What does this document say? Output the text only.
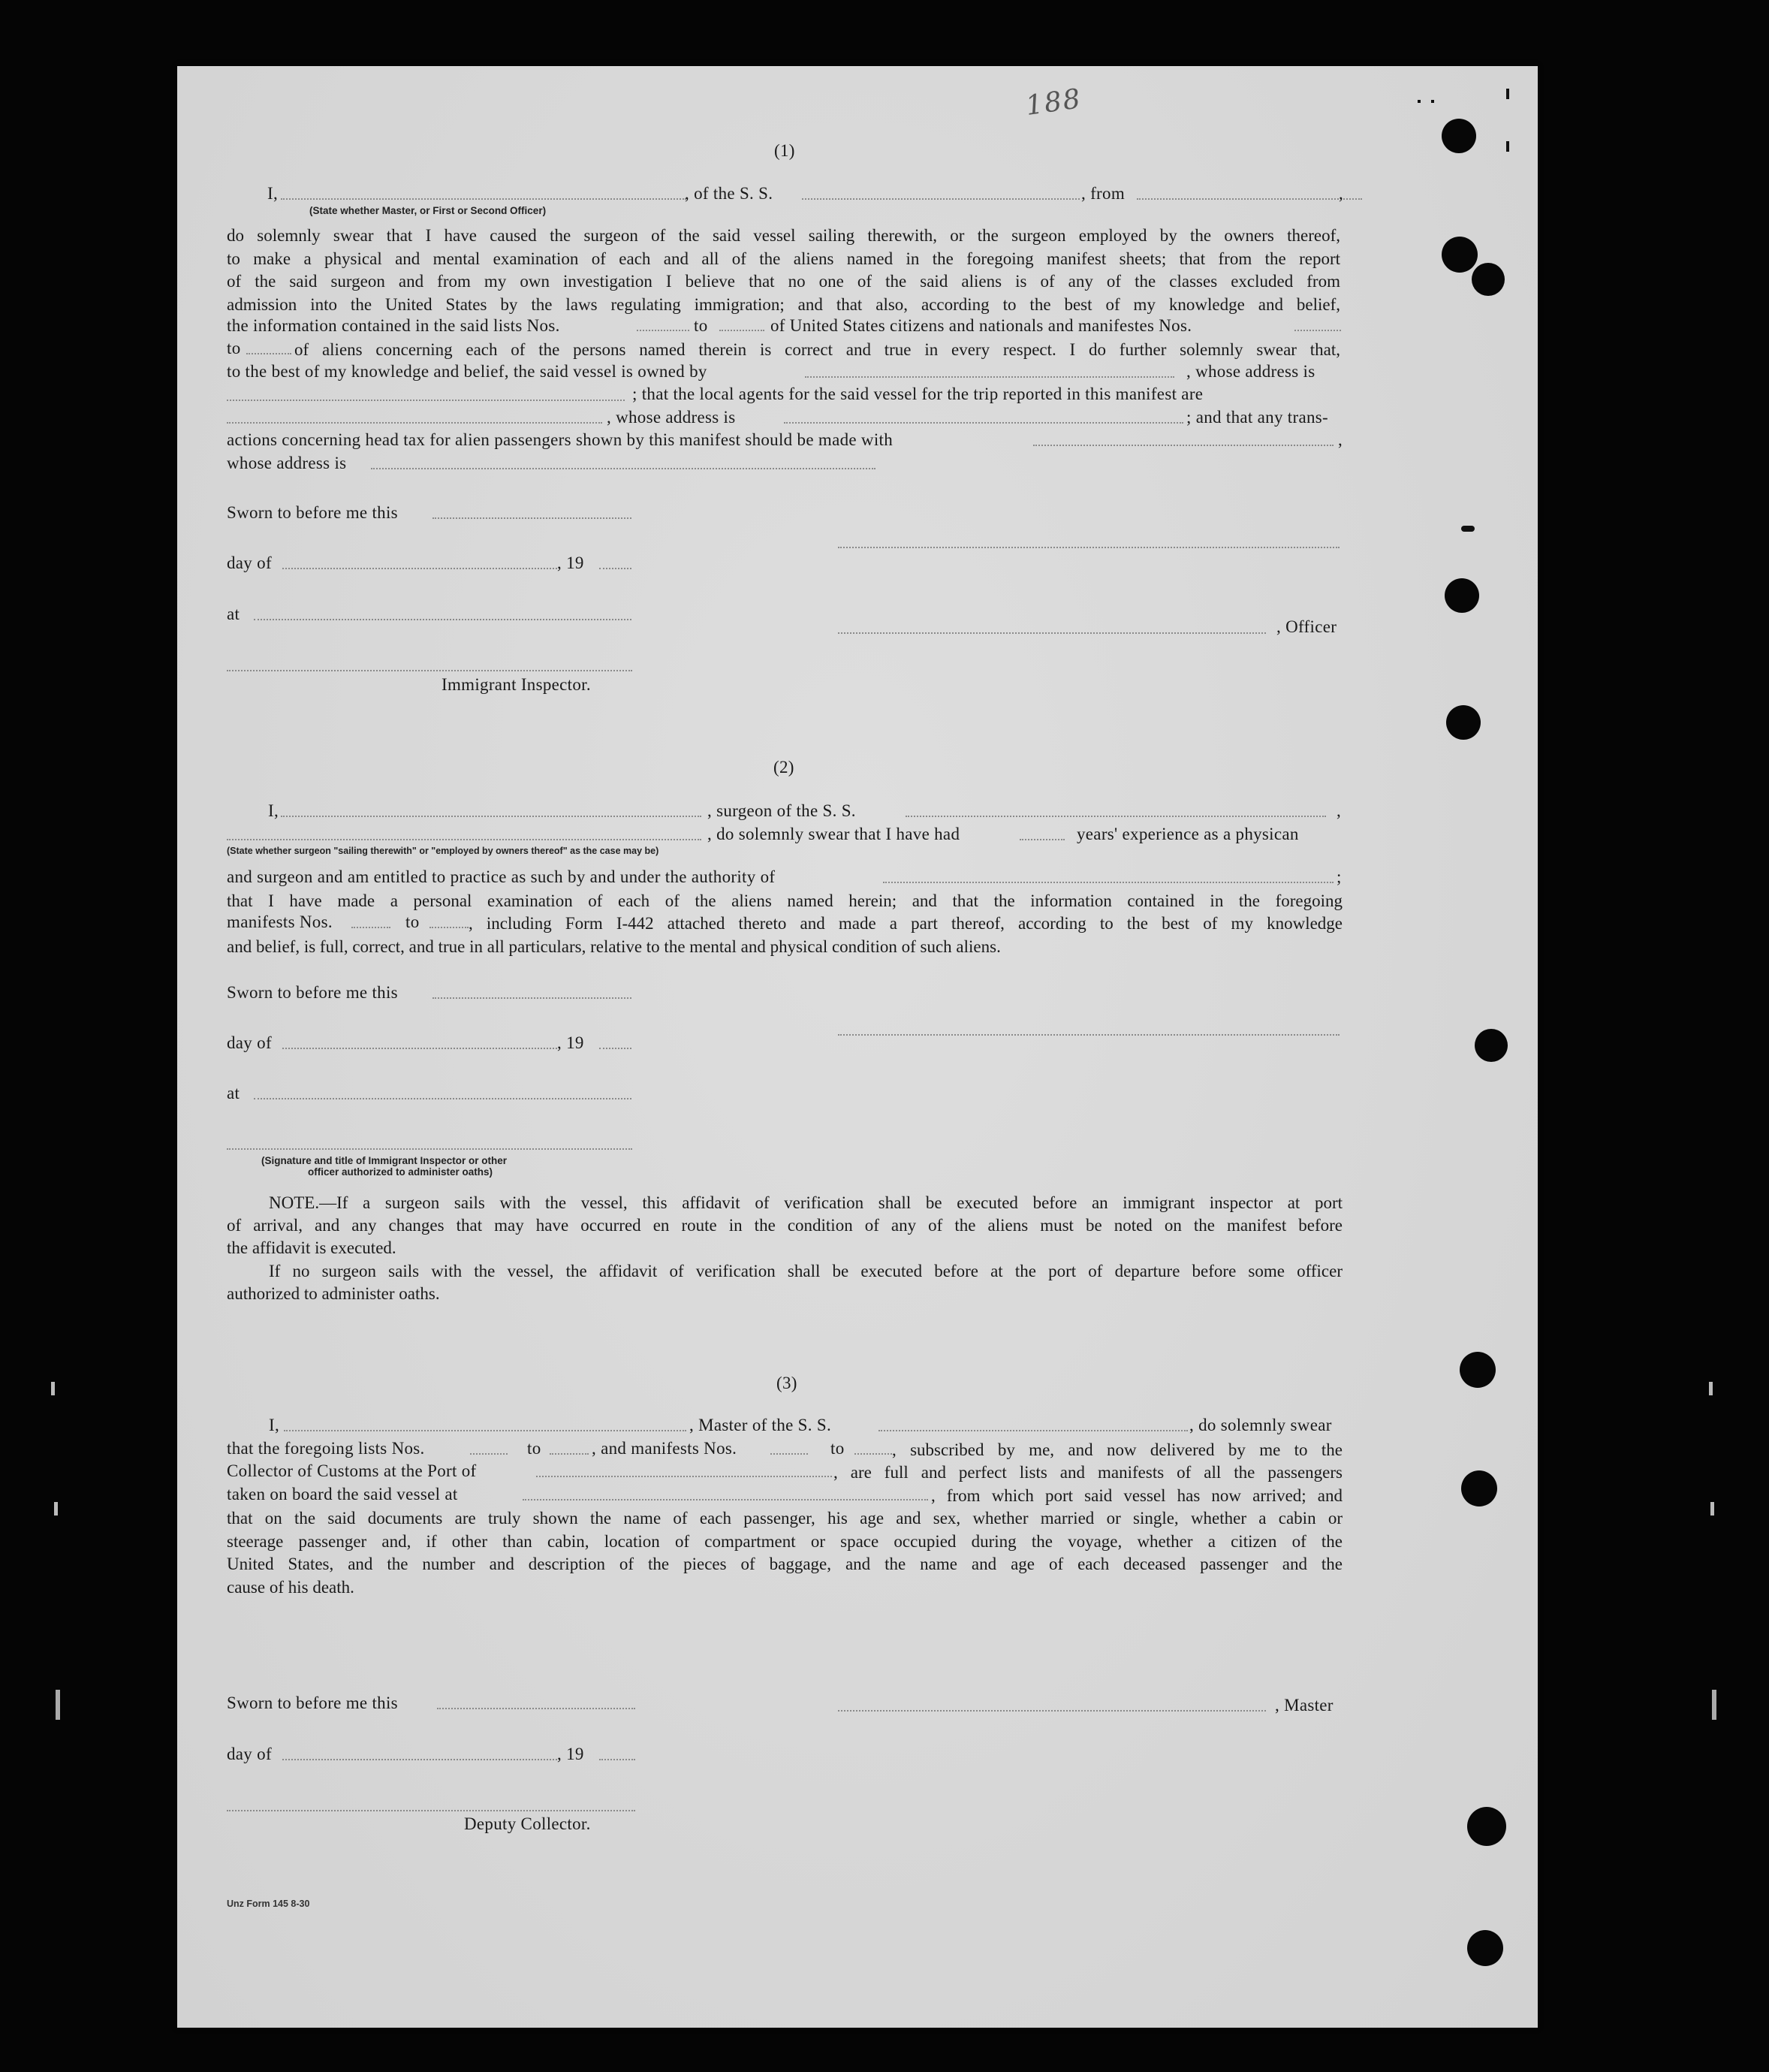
188
(1)
I,	, of the S. S.	, from	,
(State whether Master, or First or Second Officer)
do solemnly swear that I have caused the surgeon of the said vessel sailing therewith, or the surgeon employed by the owners thereof,
to make a physical and mental examination of each and all of the aliens named in the foregoing manifest sheets; that from the report
of the said surgeon and from my own investigation I believe that no one of the said aliens is of any of the classes excluded from
admission into the United States by the laws regulating immigration; and that also, according to the best of my knowledge and belief,
the information contained in the said lists Nos.	to	of United States citizens and nationals and manifestes Nos.
to	of aliens concerning each of the persons named therein is correct and true in every respect. I do further solemnly swear that,
to the best of my knowledge and belief, the said vessel is owned by	, whose address is
; that the local agents for the said vessel for the trip reported in this manifest are
, whose address is	; and that any trans-
actions concerning head tax for alien passengers shown by this manifest should be made with	,
whose address is
Sworn to before me this
day of	, 19
at
, Officer
Immigrant Inspector.
(2)
I,	, surgeon of the S. S.	,
, do solemnly swear that I have had	years' experience as a physican
(State whether surgeon "sailing therewith" or "employed by owners thereof" as the case may be)
and surgeon and am entitled to practice as such by and under the authority of	;
that I have made a personal examination of each of the aliens named herein; and that the information contained in the foregoing
manifests Nos.	to	, including Form I-442 attached thereto and made a part thereof, according to the best of my knowledge
and belief, is full, correct, and true in all particulars, relative to the mental and physical condition of such aliens.
Sworn to before me this
day of	, 19
at
(Signature and title of Immigrant Inspector or other
officer authorized to administer oaths)
NOTE.—If a surgeon sails with the vessel, this affidavit of verification shall be executed before an immigrant inspector at port
of arrival, and any changes that may have occurred en route in the condition of any of the aliens must be noted on the manifest before
the affidavit is executed.
If no surgeon sails with the vessel, the affidavit of verification shall be executed before at the port of departure before some officer
authorized to administer oaths.
(3)
I,	, Master of the S. S.	, do solemnly swear
that the foregoing lists Nos.	to	, and manifests Nos.	to	, subscribed by me, and now delivered by me to the
Collector of Customs at the Port of	, are full and perfect lists and manifests of all the passengers
taken on board the said vessel at	, from which port said vessel has now arrived; and
that on the said documents are truly shown the name of each passenger, his age and sex, whether married or single, whether a cabin or
steerage passenger and, if other than cabin, location of compartment or space occupied during the voyage, whether a citizen of the
United States, and the number and description of the pieces of baggage, and the name and age of each deceased passenger and the
cause of his death.
Sworn to before me this	, Master
day of	, 19
Deputy Collector.
Unz Form 145 8-30
